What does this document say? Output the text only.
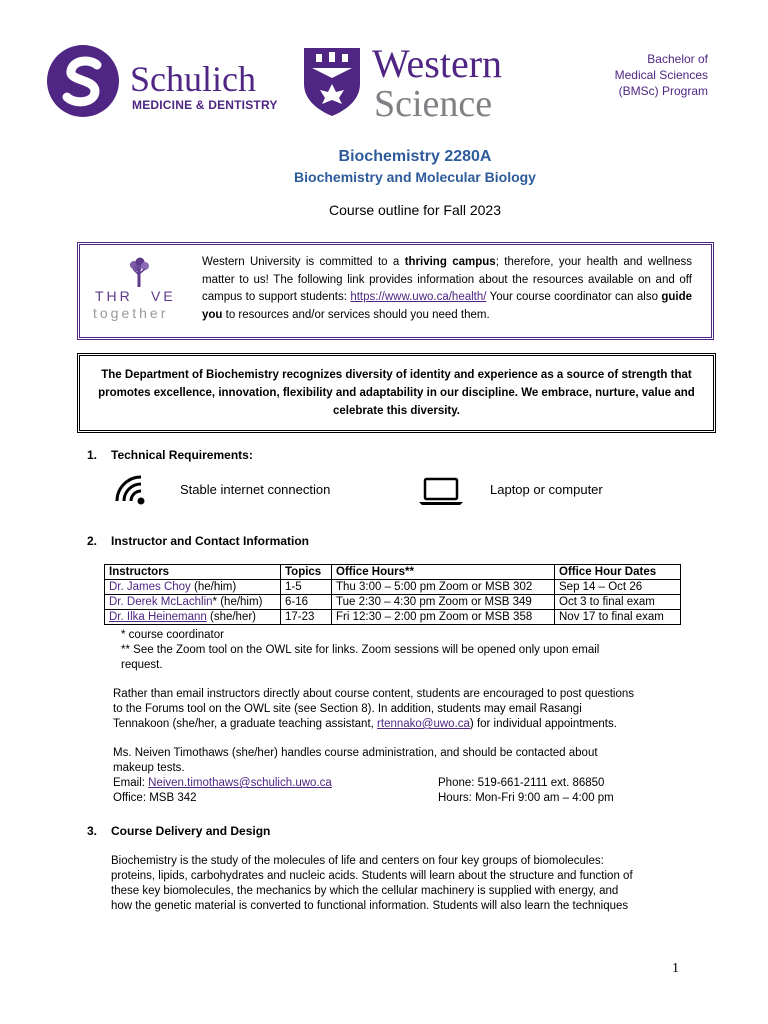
Schulich
MEDICINE & DENTISTRY
Western
Science
Bachelor of
Medical Sciences
(BMSc) Program
Biochemistry 2280A
Biochemistry and Molecular Biology
Course outline for Fall 2023
THR VE
together
Western University is committed to a thriving campus; therefore, your health and wellness matter to us! The following link provides information about the resources available on and off campus to support students: https://www.uwo.ca/health/ Your course coordinator can also guide you to resources and/or services should you need them.
The Department of Biochemistry recognizes diversity of identity and experience as a source of strength that promotes excellence, innovation, flexibility and adaptability in our discipline. We embrace, nurture, value and celebrate this diversity.
1. Technical Requirements:
Stable internet connection	Laptop or computer
2. Instructor and Contact Information
Instructors	Topics	Office Hours**	Office Hour Dates
Dr. James Choy (he/him)	1-5	Thu 3:00 – 5:00 pm Zoom or MSB 302	Sep 14 – Oct 26
Dr. Derek McLachlin* (he/him)	6-16	Tue 2:30 – 4:30 pm Zoom or MSB 349	Oct 3 to final exam
Dr. Ilka Heinemann (she/her)	17-23	Fri 12:30 – 2:00 pm Zoom or MSB 358	Nov 17 to final exam
* course coordinator
** See the Zoom tool on the OWL site for links. Zoom sessions will be opened only upon email
request.
Rather than email instructors directly about course content, students are encouraged to post questions
to the Forums tool on the OWL site (see Section 8). In addition, students may email Rasangi
Tennakoon (she/her, a graduate teaching assistant, rtennako@uwo.ca) for individual appointments.
Ms. Neiven Timothaws (she/her) handles course administration, and should be contacted about
makeup tests.
Email: Neiven.timothaws@schulich.uwo.ca	Phone: 519-661-2111 ext. 86850
Office: MSB 342	Hours: Mon-Fri 9:00 am – 4:00 pm
3. Course Delivery and Design
Biochemistry is the study of the molecules of life and centers on four key groups of biomolecules:
proteins, lipids, carbohydrates and nucleic acids. Students will learn about the structure and function of
these key biomolecules, the mechanics by which the cellular machinery is supplied with energy, and
how the genetic material is converted to functional information. Students will also learn the techniques
1
